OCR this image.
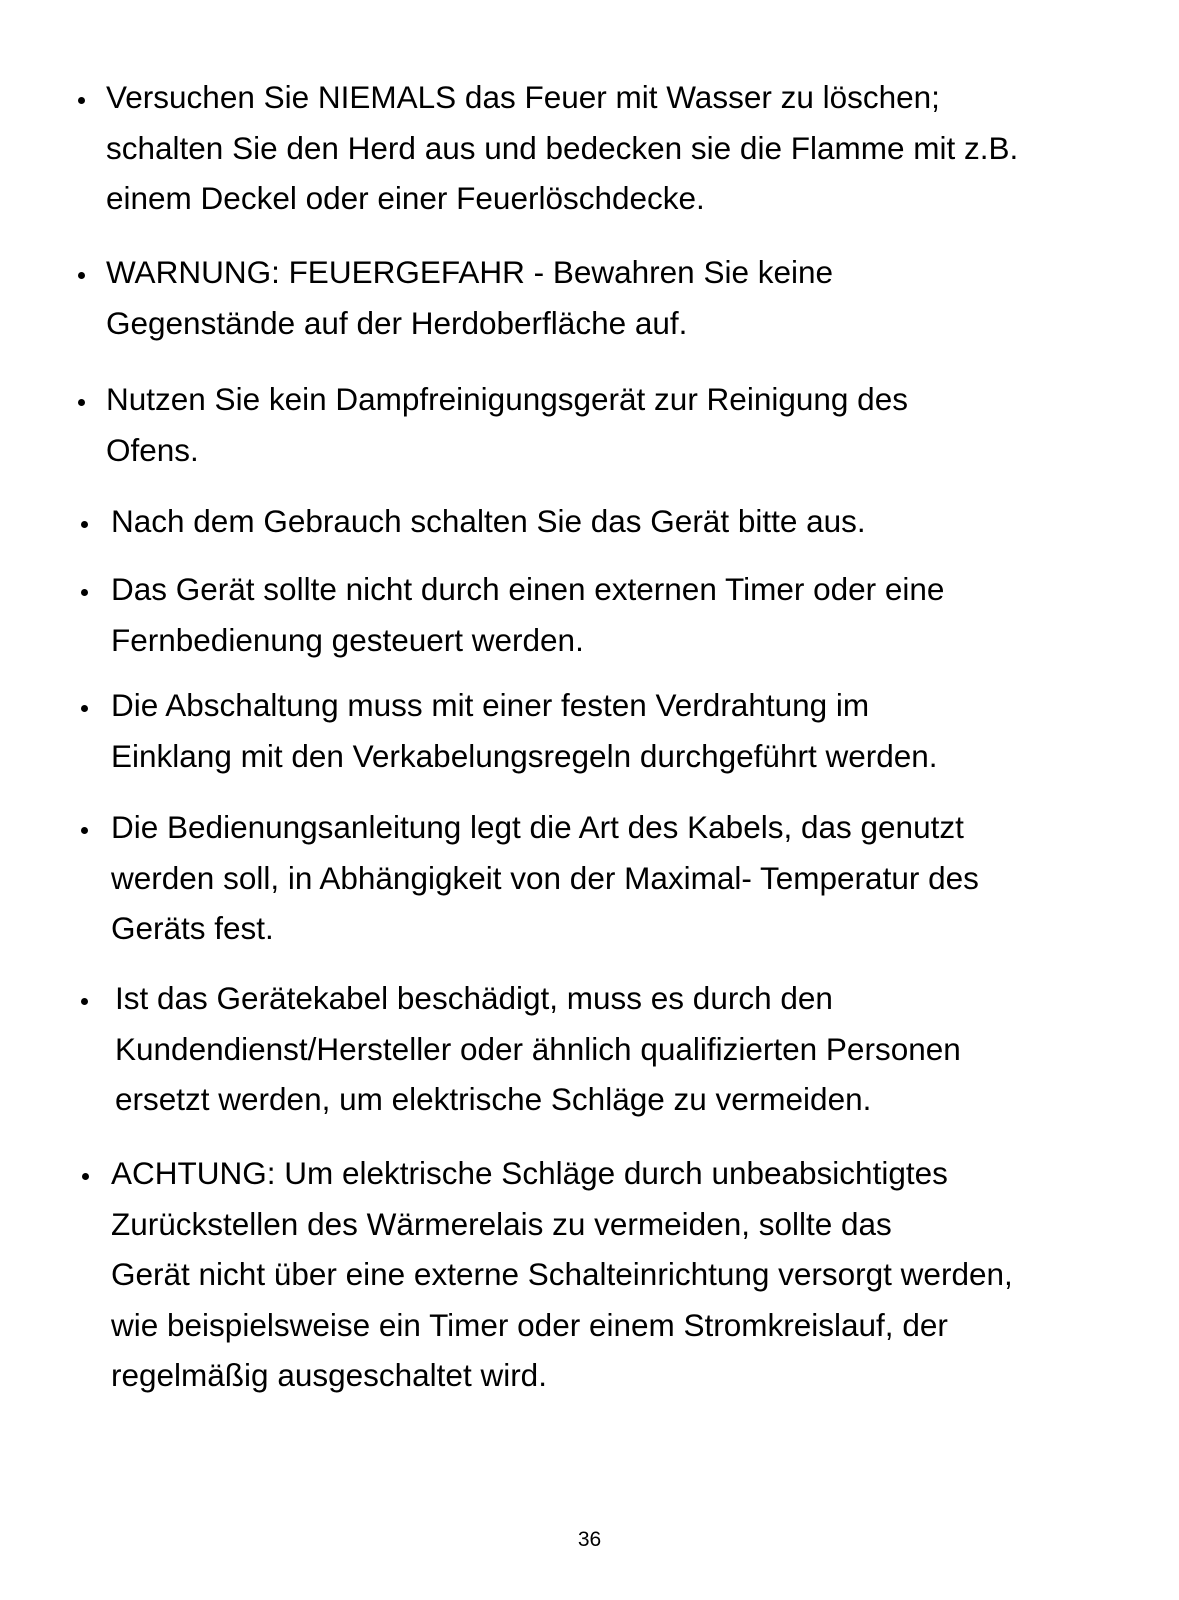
Versuchen Sie NIEMALS das Feuer mit Wasser zu löschen;
schalten Sie den Herd aus und bedecken sie die Flamme mit z.B.
einem Deckel oder einer Feuerlöschdecke.

WARNUNG: FEUERGEFAHR - Bewahren Sie keine
Gegenstände auf der Herdoberfläche auf.

Nutzen Sie kein Dampfreinigungsgerät zur Reinigung des
Ofens.

Nach dem Gebrauch schalten Sie das Gerät bitte aus.

Das Gerät sollte nicht durch einen externen Timer oder eine
Fernbedienung gesteuert werden.

Die Abschaltung muss mit einer festen Verdrahtung im
Einklang mit den Verkabelungsregeln durchgeführt werden.

Die Bedienungsanleitung legt die Art des Kabels, das genutzt
werden soll, in Abhängigkeit von der Maximal- Temperatur des
Geräts fest.

Ist das Gerätekabel beschädigt, muss es durch den
Kundendienst/Hersteller oder ähnlich qualifizierten Personen
ersetzt werden, um elektrische Schläge zu vermeiden.

ACHTUNG: Um elektrische Schläge durch unbeabsichtigtes
Zurückstellen des Wärmerelais zu vermeiden, sollte das
Gerät nicht über eine externe Schalteinrichtung versorgt werden,
wie beispielsweise ein Timer oder einem Stromkreislauf, der
regelmäßig ausgeschaltet wird.

36
